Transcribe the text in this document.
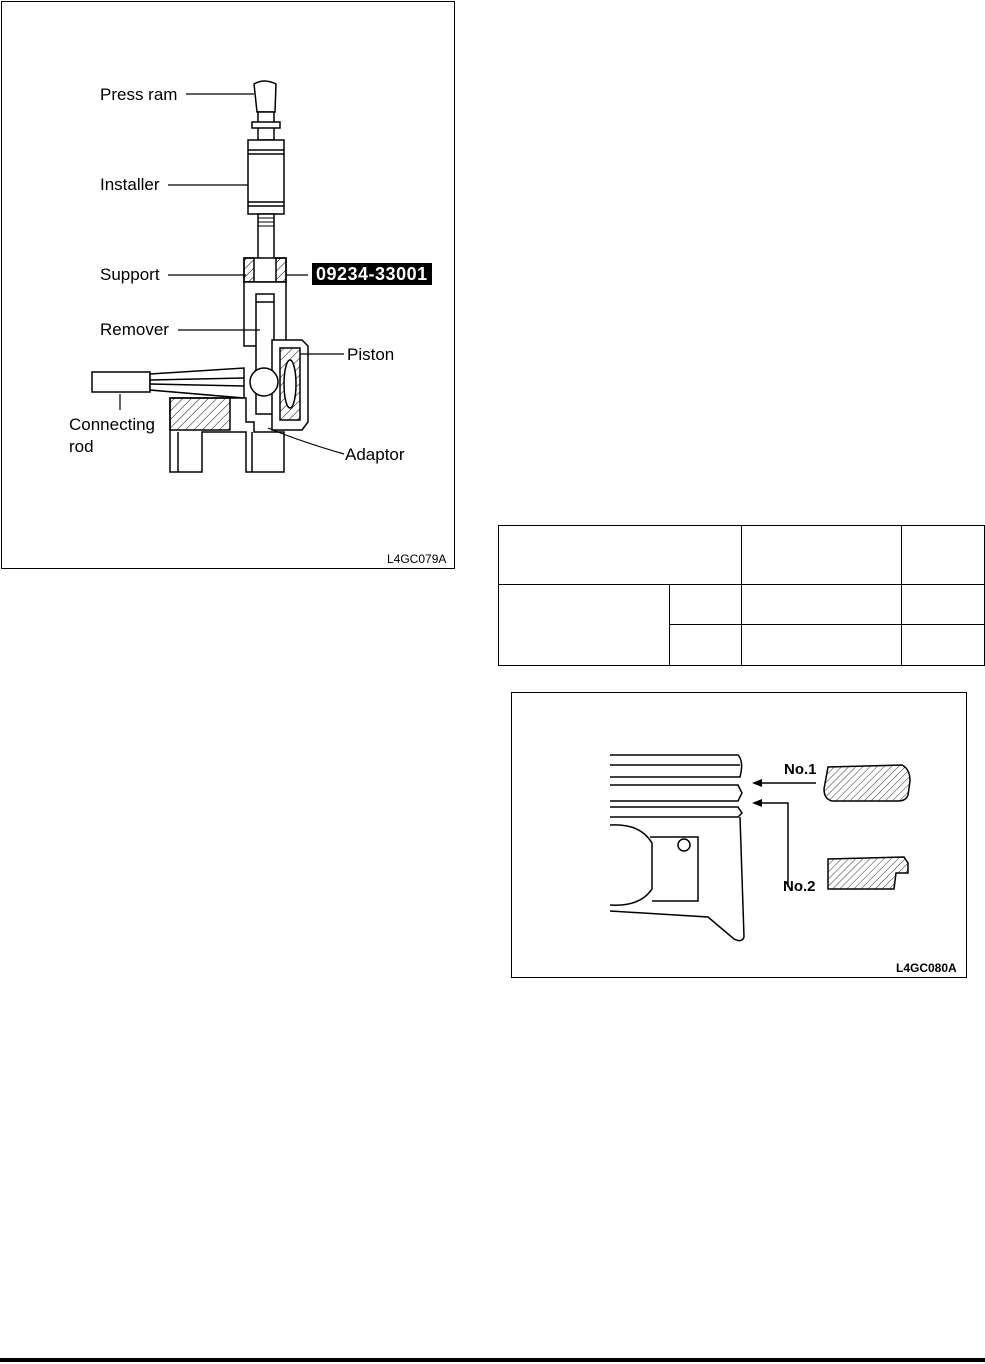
Press ram
Installer
Support	09234-33001
Remover
Piston
Connecting
rod	Adaptor
L4GC079A

No.1
No.2
L4GC080A
